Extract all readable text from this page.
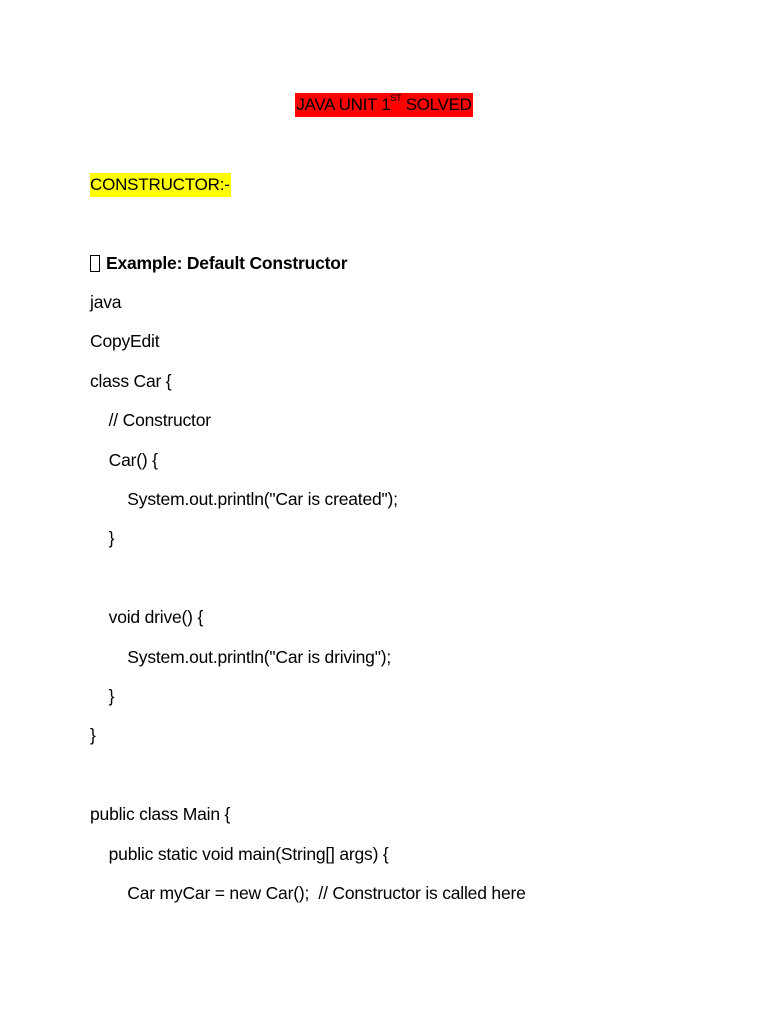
JAVA UNIT 1ST SOLVED
CONSTRUCTOR:-
Example: Default Constructor
java
CopyEdit
class Car {
// Constructor
Car() {
System.out.println("Car is created");
}
void drive() {
System.out.println("Car is driving");
}
}
public class Main {
public static void main(String[] args) {
Car myCar = new Car();  // Constructor is called here
